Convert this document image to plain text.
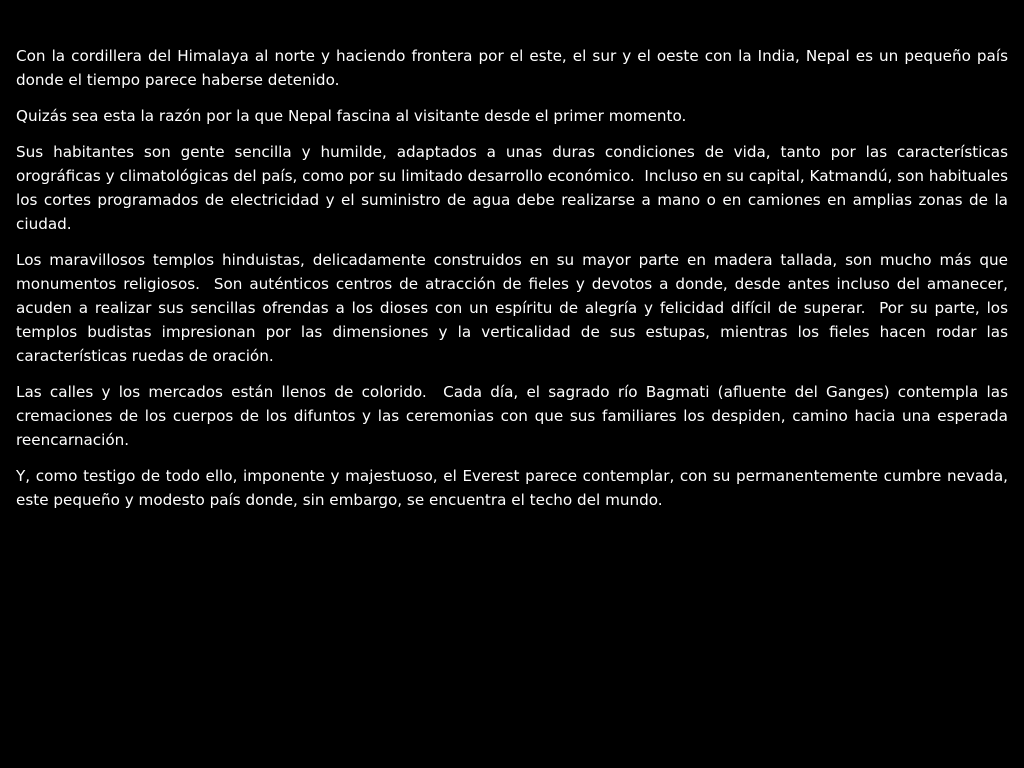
Con la cordillera del Himalaya al norte y haciendo frontera por el este, el sur y el oeste con la India, Nepal es un pequeño país donde el tiempo parece haberse detenido.

Quizás sea esta la razón por la que Nepal fascina al visitante desde el primer momento.

Sus habitantes son gente sencilla y humilde, adaptados a unas duras condiciones de vida, tanto por las características orográficas y climatológicas del país, como por su limitado desarrollo económico.  Incluso en su capital, Katmandú, son habituales los cortes programados de electricidad y el suministro de agua debe realizarse a mano o en camiones en amplias zonas de la ciudad.

Los maravillosos templos hinduistas, delicadamente construidos en su mayor parte en madera tallada, son mucho más que monumentos religiosos.  Son auténticos centros de atracción de fieles y devotos a donde, desde antes incluso del amanecer, acuden a realizar sus sencillas ofrendas a los dioses con un espíritu de alegría y felicidad difícil de superar.  Por su parte, los templos budistas impresionan por las dimensiones y la verticalidad de sus estupas, mientras los fieles hacen rodar las características ruedas de oración.

Las calles y los mercados están llenos de colorido.  Cada día, el sagrado río Bagmati (afluente del Ganges) contempla las cremaciones de los cuerpos de los difuntos y las ceremonias con que sus familiares los despiden, camino hacia una esperada reencarnación.

Y, como testigo de todo ello, imponente y majestuoso, el Everest parece contemplar, con su permanentemente cumbre nevada, este pequeño y modesto país donde, sin embargo, se encuentra el techo del mundo.
